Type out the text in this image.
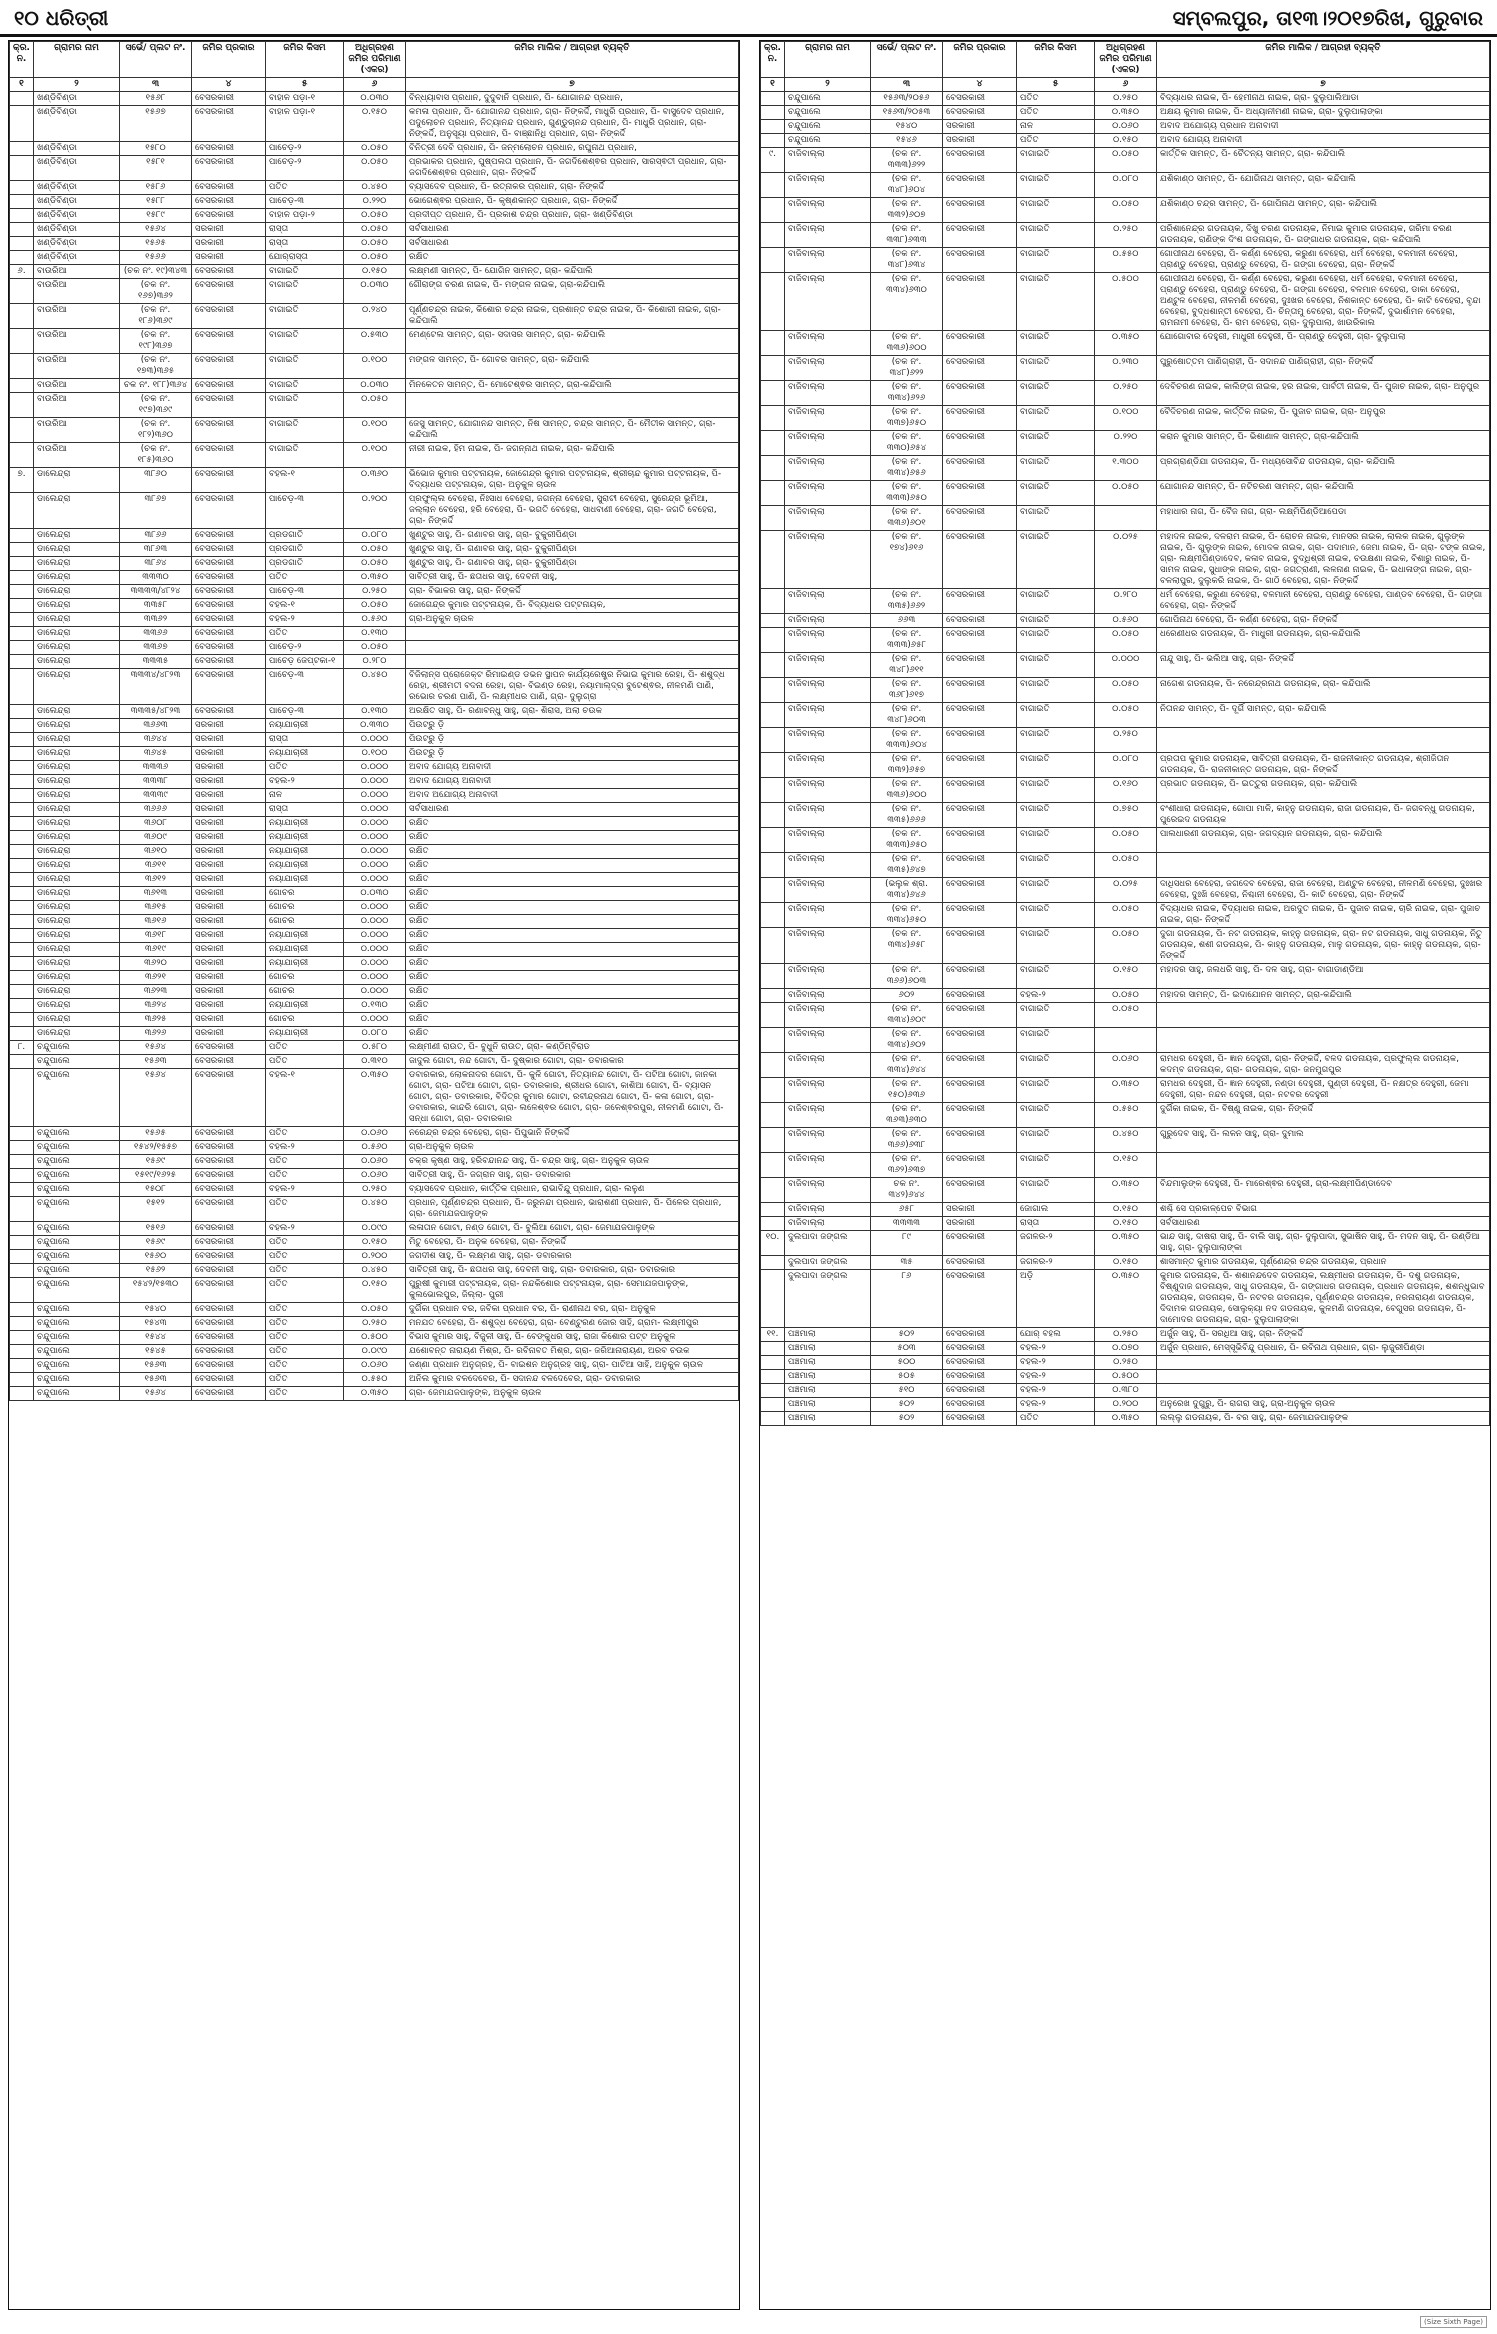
୧୦ ଧରିତ୍ରୀ	ସମ୍ବଲପୁର, ତା୧୩।୨୦୧୭ରିଖ, ଗୁରୁବାର
କ୍ର. ନ.	ଗ୍ରାମର ନାମ	ସର୍ଭେ/ ପ୍ଲଟ ନଂ.	ଜମିର ପ୍ରକାର	ଜମିର କିସମ	ଅଧିଗ୍ରହଣ ଜମିର ପରିମାଣ (ଏକର)	ଜମିର ମାଲିକ / ଆଗ୍ରହୀ ବ୍ୟକ୍ତି
୧	୨	୩	୪	୫	୬	୭
	ଖଣ୍ଡିବିଣ୍ଡା	୧୫୬୮	ବେସରକାରୀ	ବାହାଳ ପଡ଼ା-୧	୦.୦୩୦	ବିନ୍ଧ୍ୟାବାସ ପ୍ରଧାନ, ଦୁଦୁବାନି ପ୍ରଧାନ, ପି- ଯୋଗାନନ୍ଦ ପ୍ରଧାନ,
	ଖଣ୍ଡିବିଣ୍ଡା	୧୫୬୭	ବେସରକାରୀ	ବାହାଳ ପଡ଼ା-୧	୦.୧୫୦	କମଳା ପ୍ରଧାନ, ପି- ଯୋଗାନନ୍ଦ ପ୍ରଧାନ, ଗ୍ରା- ନିଙ୍କର୍ଦ୍ଦି, ମାଧୁରି ପ୍ରଧାନ, ପି- ବାସୁଦେବ ପ୍ରଧାନ, ପଦୁଲୋଚନ ପ୍ରଧାନ, ନିତ୍ୟାନନ୍ଦ ପ୍ରଧାନ, ଗୁଣ୍ଡୁଚାନନ୍ଦ ପ୍ରଧାନ, ପି- ମାଧୁରି ପ୍ରଧାନ, ଗ୍ରା- ନିଙ୍କର୍ଦ୍ଦି, ଅନୁସୂୟା ପ୍ରଧାନ, ପି- ବାଞ୍ଛାନିଧି ପ୍ରଧାନ, ଗ୍ରା- ନିଙ୍କର୍ଦ୍ଦି
	ଖଣ୍ଡିବିଣ୍ଡା	୧୫୮୦	ବେସରକାରୀ	ପାଚେଡ଼-୨	୦.୦୫୦	ବିନିତ୍ରୀ ଦେବି ପ୍ରଧାନ, ପି- ଜନ୍ମଲୋଚନ ପ୍ରଧାନ, ରଘୁନାଥ ପ୍ରଧାନ,
	ଖଣ୍ଡିବିଣ୍ଡା	୧୫୮୧	ବେସରକାରୀ	ପାଚେଡ଼-୨	୦.୦୫୦	ପ୍ରଭାକର ପ୍ରଧାନ, ପୁଷ୍ପଲତା ପ୍ରଧାନ, ପି- ଜଗଦିଶେଶ୍ଵର ପ୍ରଧାନ, ସାରସ୍ଵତୀ ପ୍ରଧାନ, ଗ୍ରା- ଜଗଦିଶେଶ୍ଵର ପ୍ରଧାନ, ଗ୍ରା- ନିଙ୍କର୍ଦ୍ଦି
	ଖଣ୍ଡିବିଣ୍ଡା	୧୫୮୬	ବେସରକାରୀ	ପତିତ	୦.୪୫୦	ବ୍ୟାସଦେବ ପ୍ରଧାନ, ପି- ରତ୍ନାକର ପ୍ରଧାନ, ଗ୍ରା- ନିଙ୍କର୍ଦ୍ଦି
	ଖଣ୍ଡିବିଣ୍ଡା	୧୫୮୮	ବେସରକାରୀ	ପାଚେଡ଼-୩	୦.୨୨୦	ଭୋଗେଶ୍ଵର ପ୍ରଧାନ, ପି- କୃଷ୍ଣକାନ୍ତ ପ୍ରଧାନ, ଗ୍ରା- ନିଙ୍କର୍ଦ୍ଦି
	ଖଣ୍ଡିବିଣ୍ଡା	୧୫୮୯	ବେସରକାରୀ	ବାହାଳ ପଡ଼ା-୨	୦.୦୫୦	ପ୍ରଦୀପ୍ତ ପ୍ରଧାନ, ପି- ପ୍ରକାଶ ଚନ୍ଦ୍ର ପ୍ରଧାନ, ଗ୍ରା- ଖଣ୍ଡିବିଣ୍ଡା
	ଖଣ୍ଡିବିଣ୍ଡା	୧୫୬୪	ସରକାରୀ	ରାସ୍ତା	୦.୦୫୦	ସର୍ବସାଧାରଣ
	ଖଣ୍ଡିବିଣ୍ଡା	୧୫୬୫	ସରକାରୀ	ରାସ୍ତା	୦.୦୫୦	ସର୍ବସାଧାରଣ
	ଖଣ୍ଡିବିଣ୍ଡା	୧୫୬୬	ସରକାରୀ	ଯୋର୍‌ରାସ୍ତା	୦.୦୫୦	ରକ୍ଷିତ
୬.	ବାଉରିଆ	(ଚକ ନଂ. ୧୯)୩୪୩	ବେସରକାରୀ	ବାଗାଇତି	୦.୧୫୦	ଲକ୍ଷ୍ମଣୀ ସାମନ୍ତ, ପି- ଯୋଗିନ ସାମନ୍ତ, ଗ୍ରା- କନ୍ଦିପାଲି
	ବାଉରିଆ	(ଚକ ନଂ. ୧୬୭)୩୬୨	ବେସରକାରୀ	ବାଗାଇତି	୦.୦୩୦	ଗୌରାଙ୍ଗ ଚରଣ ନାଇକ, ପି- ମଙ୍ଗଳ ନାଇକ, ଗ୍ରା-କନ୍ଦିପାଲି
	ବାଉରିଆ	(ଚକ ନଂ. ୧୮୬)୩୬୯	ବେସରକାରୀ	ବାଗାଇତି	୦.୨୪୦	ପୂର୍ଣ୍ଣଚନ୍ଦ୍ର ନାଇକ, କିଶୋର ଚନ୍ଦ୍ର ନାଇକ, ପ୍ରଶାନ୍ତ ଚନ୍ଦ୍ର ନାଇକ, ପି- କିଶୋରୀ ନାଇକ, ଗ୍ରା- କନ୍ଦିପାଲି
	ବାଉରିଆ	(ଚକ ନଂ. ୧୯୮)୩୬୭	ବେସରକାରୀ	ବାଗାଇତି	୦.୫୩୦	ମେଣ୍ଟେଲ ସାମନ୍ତ, ଗ୍ରା- ସଦାସର ସାମନ୍ତ, ଗ୍ରା- କନ୍ଦିପାଲି
	ବାଉରିଆ	(ଚକ ନଂ. ୧୭୩)୩୬୫	ବେସରକାରୀ	ବାଗାଇତି	୦.୧୦୦	ମଙ୍ଗଳ ସାମନ୍ତ, ପି- ଗୋବର ସାମନ୍ତ, ଗ୍ରା- କନ୍ଦିପାଲି
	ବାଉରିଆ	ଚକ ନଂ. ୧୮୮)୩୬୪	ବେସରକାରୀ	ବାଗାଇତି	୦.୦୩୦	ମିନକେତନ ସାମନ୍ତ, ପି- ମୋଟେଶ୍ଵର ସାମନ୍ତ, ଗ୍ରା-କନ୍ଦିପାଲି
	ବାଉରିଆ	(ଚକ ନଂ. ୧୯୭)୩୬୯	ବେସରକାରୀ	ବାଗାଇତି	୦.୦୫୦	
	ବାଉରିଆ	(ଚକ ନଂ. ୧୮୨)୩୬୦	ବେସରକାରୀ	ବାଗାଇତି	୦.୧୦୦	ଜେସୁ ସାମନ୍ତ, ଯୋଗାନନ୍ଦ ସାମନ୍ତ, ନିଷ ସାମନ୍ତ, ଚନ୍ଦ୍ର ସାମନ୍ତ, ପି- ମୈତୀକ ସାମନ୍ତ, ଗ୍ରା- କନ୍ଦିପାଲି
	ବାଉରିଆ	(ଚକ ନଂ. ୧୮୫)୩୬୦	ବେସରକାରୀ	ବାଗାଇତି	୦.୧୦୦	ନୀରୀ ନାଇକ, ହିମ ନାଇକ, ପି- ଜଗନ୍ନାଥ ନାଇକ, ଗ୍ରା- କନ୍ଦିପାଲି
୭.	ଡାଲେନ୍ଦ୍ରା	୩୮୬୦	ବେସରକାରୀ	ବହଲ-୧	୦.୩୬୦	ଭିଭୋଜ କୁମାର ପଟ୍ଟନାୟକ, ଜୋଗେନ୍ଦ୍ର କୁମାର ପଟ୍ଟନାୟକ, ଶ୍ରୀଚାନ୍ଦ କୁମାର ପଟ୍ଟନାୟକ, ପି- ବିଦ୍ୟାଧର ପଟ୍ଟନାୟକ, ଗ୍ରା- ଅନୁକୁଳ ଚାଉଳ
	ଡାଲେନ୍ଦ୍ରା	୩୮୬୭	ବେସରକାରୀ	ପାଚେଡ଼-୩	୦.୨୦୦	ପ୍ରଫୁଲ୍ଲ ବେହେରା, ନିଃସାଧ ବେହେରା, ଜଗନ୍ନା ବେହେରା, ସୁରାଟୀ ବେହେରା, ସୁରେନ୍ଦ୍ର ଭୂମିଆ, ଜଲ୍ଲାନ ବେହେରା, ହରି ବେହେରା, ପି- ଭଗତି ବେହେରା, ସାଧବାଣୀ ବେହେରା, ଗ୍ରା- ଜଗତି ବେହେରା, ଗ୍ରା- ନିଙ୍କର୍ଦ୍ଦି
	ଡାଲେନ୍ଦ୍ରା	୩୮୬୬	ବେସରକାରୀ	ପ୍ରଡଗାତି	୦.୦୮୦	ଖୁଣ୍ଟୁର ସାହୁ, ପି- ଗଣାବର ସାହୁ, ଗ୍ରା- ବୁକୁରୀପିଣ୍ଡା
	ଡାଲେନ୍ଦ୍ରା	୩୮୬୩	ବେସରକାରୀ	ପ୍ରଡଗାତି	୦.୦୫୦	ଖୁଣ୍ଟୁର ସାହୁ, ପି- ଗଣାବର ସାହୁ, ଗ୍ରା- ବୁକୁରୀପିଣ୍ଡା
	ଡାଲେନ୍ଦ୍ରା	୩୮୬୪	ବେସରକାରୀ	ପ୍ରଡଗାତି	୦.୦୫୦	ଖୁଣ୍ଟୁର ସାହୁ, ପି- ଗଣାବର ସାହୁ, ଗ୍ରା- ବୁକୁରୀପିଣ୍ଡା
	ଡାଲେନ୍ଦ୍ରା	୩୩୩୦	ବେସରକାରୀ	ପତିତ	୦.୩୫୦	ସାବିତ୍ରୀ ସାହୁ, ପି- ଛତାଧର ସାହୁ, ଦେବନୀ ସାହୁ,
	ଡାଲେନ୍ଦ୍ରା	୩୩୩୩/୪୮୨୪	ବେସରକାରୀ	ପାଚେଡ଼-୩	୦.୨୫୦	ଗ୍ରା- ବିଭାକର ସାହୁ, ଗ୍ରା- ନିଙ୍କର୍ଦ୍ଦି
	ଡାଲେନ୍ଦ୍ରା	୩୩୫୮	ବେସରକାରୀ	ବହଲ-୧	୦.୦୫୦	ଜୋଗେନ୍ଦ୍ର କୁମାର ପଟ୍ଟନାୟକ, ପି- ବିଦ୍ୟାଧର ପଟ୍ଟନାୟକ,
	ଡାଲେନ୍ଦ୍ରା	୩୩୬୨	ବେସରକାରୀ	ବହଲ-୨	୦.୫୬୦	ଗ୍ରା-ଅନୁକୁଳ ଚାଉଳ
	ଡାଲେନ୍ଦ୍ରା	୩୩୬୬	ବେସରକାରୀ	ପତିତ	୦.୧୩୦	
	ଡାଲେନ୍ଦ୍ରା	୩୩୬୭	ବେସରକାରୀ	ପାଚେଡ଼-୨	୦.୦୫୦	
	ଡାଲେନ୍ଦ୍ରା	୩୩୩୫	ବେସରକାରୀ	ପାଚେଡ଼ ଜେପ୍ଟକା-୧	୦.୨୮୦	
	ଡାଲେନ୍ଦ୍ରା	୩୩୩୪/୪୮୨୩	ବେସରକାରୀ	ପାଚେଡ଼-୩	୦.୪୫୦	ବିଜିଲାନ୍ସ ପ୍ରୋଜେକ୍ଟ ରିମାଇଣ୍ଡ ଡଭନ ସ୍ଥାପନ କାର୍ଯ୍ୟରେଷ୍ଟ୍ର ନିଭାଇ କୁମାର ରେହା, ପି- ଶଶୁଦ୍ଧ ରେହା, ଶ୍ରୀମତୀ ବଦନା ରେହା, ଗ୍ରା- ବିଇଣ୍ଡ ରେହା, ନୟାମାଲ୍ଦ୍ରା ବୁଟେଶ୍ଵର, ନୀଳମଣି ପାଣି, ରଭୋର ଚରଣ ପାଣି, ପି- ଲକ୍ଷ୍ମୀଧର ପାଣି, ଗ୍ରା- ଦୁଲୁଗ୍ରା
	ଡାଲେନ୍ଦ୍ରା	୩୩୩୫/୪୮୨୩	ବେସରକାରୀ	ପାଚେଡ଼-୩	୦.୧୩୦	ଅରକ୍ଷିତ ସାହୁ, ପି- ରଣାବନ୍ଧୁ ସାହୁ, ଗ୍ରା- ଶିରାସ, ଅଲା ଚଉକ
	ଡାଲେନ୍ଦ୍ରା	୩୬୬୩	ସରକାରୀ	ନୟାଯାଚାରୀ	୦.୩୩୦	ପିଉଟ୍ରୁ ଡ଼ି
	ଡାଲେନ୍ଦ୍ରା	୩୬୪୪	ସରକାରୀ	ରାସ୍ତା	୦.୦୦୦	ପିଉଟ୍ରୁ ଡ଼ି
	ଡାଲେନ୍ଦ୍ରା	୩୬୪୫	ସରକାରୀ	ନୟାଯାଚାରୀ	୦.୧୦୦	ପିଉଟ୍ରୁ ଡ଼ି
	ଡାଲେନ୍ଦ୍ରା	୩୩୩୬	ସରକାରୀ	ପତିତ	୦.୦୦୦	ଅବାଦ ଯୋଗ୍ୟ ଅନାବାଦୀ
	ଡାଲେନ୍ଦ୍ରା	୩୩୩୮	ସରକାରୀ	ବହଲ-୨	୦.୦୦୦	ଅବାଦ ଯୋଗ୍ୟ ଅନାବାଦୀ
	ଡାଲେନ୍ଦ୍ରା	୩୩୩୯	ସରକାରୀ	ନାଳ	୦.୦୦୦	ଅବାଦ ଅଯୋଗ୍ୟ ଅନାବାଦୀ
	ଡାଲେନ୍ଦ୍ରା	୩୬୬୬	ସରକାରୀ	ରାସ୍ତା	୦.୦୦୦	ସର୍ବସାଧାରଣ
	ଡାଲେନ୍ଦ୍ରା	୩୬୦୮	ସରକାରୀ	ନୟାଯାଚାରୀ	୦.୦୦୦	ରକ୍ଷିତ
	ଡାଲେନ୍ଦ୍ରା	୩୬୦୯	ସରକାରୀ	ନୟାଯାଚାରୀ	୦.୦୦୦	ରକ୍ଷିତ
	ଡାଲେନ୍ଦ୍ରା	୩୬୧୦	ସରକାରୀ	ନୟାଯାଚାରୀ	୦.୦୦୦	ରକ୍ଷିତ
	ଡାଲେନ୍ଦ୍ରା	୩୬୧୧	ସରକାରୀ	ନୟାଯାଚାରୀ	୦.୦୦୦	ରକ୍ଷିତ
	ଡାଲେନ୍ଦ୍ରା	୩୬୧୨	ସରକାରୀ	ନୟାଯାଚାରୀ	୦.୦୦୦	ରକ୍ଷିତ
	ଡାଲେନ୍ଦ୍ରା	୩୬୧୩	ସରକାରୀ	ଗୋଚର	୦.୦୩୦	ରକ୍ଷିତ
	ଡାଲେନ୍ଦ୍ରା	୩୬୧୫	ସରକାରୀ	ଗୋଚର	୦.୦୦୦	ରକ୍ଷିତ
	ଡାଲେନ୍ଦ୍ରା	୩୬୧୬	ସରକାରୀ	ଗୋଚର	୦.୦୦୦	ରକ୍ଷିତ
	ଡାଲେନ୍ଦ୍ରା	୩୬୧୮	ସରକାରୀ	ନୟାଯାଚାରୀ	୦.୦୦୦	ରକ୍ଷିତ
	ଡାଲେନ୍ଦ୍ରା	୩୬୧୯	ସରକାରୀ	ନୟାଯାଚାରୀ	୦.୦୦୦	ରକ୍ଷିତ
	ଡାଲେନ୍ଦ୍ରା	୩୬୨୦	ସରକାରୀ	ନୟାଯାଚାରୀ	୦.୦୦୦	ରକ୍ଷିତ
	ଡାଲେନ୍ଦ୍ରା	୩୬୨୧	ସରକାରୀ	ଗୋଚର	୦.୦୦୦	ରକ୍ଷିତ
	ଡାଲେନ୍ଦ୍ରା	୩୬୨୩	ସରକାରୀ	ଗୋଚର	୦.୦୦୦	ରକ୍ଷିତ
	ଡାଲେନ୍ଦ୍ରା	୩୬୨୪	ସରକାରୀ	ନୟାଯାଚାରୀ	୦.୧୩୦	ରକ୍ଷିତ
	ଡାଲେନ୍ଦ୍ରା	୩୬୨୫	ସରକାରୀ	ଗୋଚର	୦.୦୦୦	ରକ୍ଷିତ
	ଡାଲେନ୍ଦ୍ରା	୩୬୨୬	ସରକାରୀ	ନୟାଯାଚାରୀ	୦.୦୮୦	ରକ୍ଷିତ
୮.	ଚନ୍ଦୁପାଲେ	୧୫୬୪	ବେସରକାରୀ	ପତିତ	୦.୫୮୦	ଲକ୍ଷ୍ମୀଣୀ ରାଉତ, ପି- ବୁଧୁନି ରାଉତ, ଗ୍ରା- କଣ୍ଠିମ୍ବିରାଡ
	ଚନ୍ଦୁପାଲେ	୧୫୬୩	ବେସରକାରୀ	ପତିତ	୦.୩୧୦	ଜାଦୁଲ ଗୋଟା, ନନ୍ଦ ଗୋଟା, ପି- ଦୁଷ୍କାର ଗୋଟା, ଗ୍ରା- ଡବାରକାର
	ଚନ୍ଦୁପାଲେ	୧୫୬୪	ବେସରକାରୀ	ବହଲ-୧	୦.୩୫୦	ଡବାରକାର, ଲୋକନାଦର ଗୋଟା, ପି- କୁଳି ଗୋଟା, ନିତ୍ୟାନନ୍ଦ ଗୋଟା, ପି- ପଟିଆ ଗୋଟା, ଜାନକା ଗୋଟା, ଗ୍ରା- ପଟିଆ ଗୋଟା, ଗ୍ରା- ଡବାରକାର, ଶ୍ରୀଧର ଗୋଟା, କାଶିଆ ଗୋଟା, ପି- ବ୍ୟାସନ ଗୋଟା, ଗ୍ରା- ଡବାରକାର, ବିଦିତ୍ର କୁମାର ଗୋଟା, ରବୀନ୍ଦ୍ରନାଥ ଗୋଟା, ପି- କଳା ଗୋଟା, ଗ୍ରା- ଡବାରକାର, କାନ୍ଦରି ଗୋଟା, ଗ୍ରା- ଲଳେଶ୍ଵର ଗୋଟା, ଗ୍ରା- ଜଳେଶ୍ଵରପୁର, ନୀଳମଣି ଗୋଟା, ପି- ସନ୍ଧା ଗୋଟା, ଗ୍ରା- ଡବାରକାର
	ଚନ୍ଦୁପାଲେ	୧୫୬୫	ବେସରକାରୀ	ପତିତ	୦.୦୬୦	ନରେନ୍ଦ୍ର ଚନ୍ଦ୍ର ବେହେରା, ଗ୍ରା- ପିପୁଭାନି ନିଙ୍କର୍ଦ୍ଦି
	ଚନ୍ଦୁପାଲେ	୧୫୪୨/୧୫୫୭	ବେସରକାରୀ	ବହଲ-୨	୦.୫୬୦	ଗ୍ରା-ଅନୁକୁଳ ଚାଉଳ
	ଚନ୍ଦୁପାଲେ	୧୫୬୯	ବେସରକାରୀ	ପତିତ	୦.୦୬୦	ଚକ୍ର କୃଷ୍ଣ ସାହୁ, ହରିବନ୍ଦାନନ୍ଦ ସାହୁ, ପି- ଚନ୍ଦ୍ର ସାହୁ, ଗ୍ରା- ଅନୁକୁଳ ଚାଉଳ
	ଚନ୍ଦୁପାଲେ	୧୫୧୯/୧୬୨୫	ବେସରକାରୀ	ପତିତ	୦.୦୬୦	ସାବିତ୍ରୀ ସାହୁ, ପି- ଜଗ୍ରାନ ସାହୁ, ଗ୍ରା- ଡବାରକାର
	ଚନ୍ଦୁପାଲେ	୧୫୦୮	ବେସରକାରୀ	ବହଲ-୨	୦.୨୫୦	ବ୍ୟାସଦେବ ପ୍ରଧାନ, କାର୍ତ୍ତିକ ପ୍ରଧାନ, ରାଭାବିନ୍ଦୁ ପ୍ରଧାନ, ଗ୍ରା- ଲଳୁଣ
	ଚନ୍ଦୁପାଲେ	୧୫୧୨	ବେସରକାରୀ	ପତିତ	୦.୪୫୦	ପ୍ରଧାନ, ପୂର୍ଣ୍ଣଚନ୍ଦ୍ର ପ୍ରଧାନ, ପି- ଜରୁନନ୍ଦା ପ୍ରଧାନ, ଭାରାଶଣୀ ପ୍ରଧାନ, ପି- ପିଳେର ପ୍ରଧାନ, ଗ୍ରା- ଜେମାଯଜପାଳୁଙ୍କ
	ଚନ୍ଦୁପାଲେ	୧୫୧୬	ବେସରକାରୀ	ବହଲ-୨	୦.୦୯୦	ଲଳାତାନ ଗୋଟା, ନଣ୍ଡ ଗୋଟା, ପି- ବୁଲିଆ ଗୋଟା, ଗ୍ରା- ଜେମାଯଜପାଳୁଙ୍କ
	ଚନ୍ଦୁପାଲେ	୧୫୬୯	ବେସରକାରୀ	ପତିତ	୦.୧୫୦	ମିତୁ ବେହେରା, ପି- ଅନୁକ ବେହେରା, ଗ୍ରା- ନିଙ୍କର୍ଦ୍ଦି
	ଚନ୍ଦୁପାଲେ	୧୫୬୦	ବେସରକାରୀ	ପତିତ	୦.୨୦୦	ଜଗଦୀଶ ସାହୁ, ପି- ଲକ୍ଷ୍ମଣ ସାହୁ, ଗ୍ରା- ଡବାରକାର
	ଚନ୍ଦୁପାଲେ	୧୫୬୨	ବେସରକାରୀ	ପତିତ	୦.୪୫୦	ସାବିତ୍ରୀ ସାହୁ, ପି- ଛତାଧର ସାହୁ, ଦେବନୀ ସାହୁ, ଗ୍ରା- ଡବାରକାର, ଗ୍ରା- ଡବାରକାର
	ଚନ୍ଦୁପାଲେ	୧୫୪୨/୧୫୩୦	ବେସରକାରୀ	ପତିତ	୦.୧୫୦	ପୁରୁଷୀ କୁମାରୀ ପଟ୍ଟନାୟକ, ଗ୍ରା- ନନ୍ଦକିଶୋର ପଟ୍ଟନାୟକ, ଗ୍ରା- ସେମାଯଜପାଳୁଙ୍କ, କୁଲଭୋଲପୁର, ଜିଲ୍ଲା- ପୁରୀ
	ଚନ୍ଦୁପାଲେ	୧୫୪୦	ବେସରକାରୀ	ପତିତ	୦.୦୫୦	ଦୁର୍ଗିକା ପ୍ରଧାନ ବର, ଜବିକା ପ୍ରଧାନ ବର, ପି- ରାଣୀନାଥ ବର, ଗ୍ରା- ଅନୁକୁଳ
	ଚନ୍ଦୁପାଲେ	୧୫୪୩	ବେସରକାରୀ	ପତିତ	୦.୨୫୦	ମନଯତ ବେହେରା, ପି- ଶଶୁଦ୍ଧ ବେହେରା, ଗ୍ରା- ବେଣ୍ଟୁରଣ ଜୋର ସାହି, ଗ୍ରାମ- ଲକ୍ଷ୍ମୀପୁର
	ଚନ୍ଦୁପାଲେ	୧୫୪୪	ବେସରକାରୀ	ପତିତ	୦.୫୦୦	ବିଭାସ କୁମାର ସାହୁ, ବିଜୁଳୀ ସାହୁ, ପି- ବେଙ୍କୁଧର ସାହୁ, ରାଜା କିଶୋର ପଟ୍ଟ ଅନୁକୁଳ
	ଚନ୍ଦୁପାଲେ	୧୫୪୫	ବେସରକାରୀ	ପତିତ	୦.୦୯୦	ଯଶୋବନ୍ତ ନାରାୟଣ ମିଶ୍ର, ପି- ରବିନାବତ ମିଶ୍ର, ଗ୍ରା- ଜରିଆନାରାୟଣ, ଅରବ ଚଉକ
	ଚନ୍ଦୁପାଲେ	୧୫୬୩	ବେସରକାରୀ	ପତିତ	୦.୦୬୦	ଜଣ୍ଣା ପ୍ରଧାନ ଅନୁଗ୍ରହ, ପି- ବାଇଶନ ଅନୁଗ୍ରହ ସାହୁ, ଗ୍ରା- ପାଟିଆ ସାହି, ଅନୁକୁଳ ଚାଉଳ
	ଚନ୍ଦୁପାଲେ	୧୫୬୩	ବେସରକାରୀ	ପତିତ	୦.୫୫୦	ଅନିଲ କୁମାର ବଳଦେବେର, ପି- ସଦାନନ୍ଦ ବଳଦେବେର, ଗ୍ରା- ଡବାରକାର
	ଚନ୍ଦୁପାଲେ	୧୫୬୪	ବେସରକାରୀ	ପତିତ	୦.୩୫୦	ଗ୍ରା- ଜେମାଯଜପାଳୁଙ୍କ, ଅନୁକୁଳ ଚାଉଳ
କ୍ର. ନ.	ଗ୍ରାମର ନାମ	ସର୍ଭେ/ ପ୍ଲଟ ନଂ.	ଜମିର ପ୍ରକାର	ଜମିର କିସମ	ଅଧିଗ୍ରହଣ ଜମିର ପରିମାଣ (ଏକର)	ଜମିର ମାଲିକ / ଆଗ୍ରହୀ ବ୍ୟକ୍ତି
୧	୨	୩	୪	୫	୬	୭
	ଚନ୍ଦୁପାଲେ	୧୫୬୩/୨୦୫୬	ବେସରକାରୀ	ପତିତ	୦.୨୫୦	ବିଦ୍ୟାଧର ନାଇକ, ପି- ହେମୀନାଥ ନାଇକ, ଗ୍ରା- ଦୁଲୁପାଲିଆଡା
	ଚନ୍ଦୁପାଲେ	୧୫୬୩/୨୦୫୩	ବେସରକାରୀ	ପତିତ	୦.୩୫୦	ଅକ୍ଷୟ କୁମାର ନାଇକ, ପି- ଅଧ୍ୟାନୀମଣୀ ନାଇକ, ଗ୍ରା- ଦୁଲୁପାଲାଙ୍କା
	ଚନ୍ଦୁପାଲେ	୧୫୪୦	ସରକାରୀ	ନାଳ	୦.୦୬୦	ଅବାଦ ଅଯୋଗ୍ୟ ପ୍ରଧାନ ଅନାବାଦୀ
	ଚନ୍ଦୁପାଲେ	୧୫୪୬	ସରକାରୀ	ପତିତ	୦.୧୫୦	ଅବାଦ ଯୋଗ୍ୟ ଅନାବାଦୀ
୯.	ବାଜିବାଲ୍ଲା	(ଚକ ନଂ. ୩୩୩)୬୨୨	ବେସରକାରୀ	ବାଗାଇତି	୦.୦୫୦	କାର୍ତ୍ତିକ ସାମନ୍ତ, ପି- ଚୈତନ୍ୟ ସାମନ୍ତ, ଗ୍ରା- କନ୍ଦିପାଲି
	ବାଜିବାଲ୍ଲା	(ଚକ ନଂ. ୩୪୮)୬୦୪	ବେସରକାରୀ	ବାଗାଇତି	୦.୦୮୦	ଯଶିକାଣ୍ଠ ସାମନ୍ତ, ପି- ଯୋଗିନାଥ ସାମନ୍ତ, ଗ୍ରା- କନ୍ଦିପାଲି
	ବାଜିବାଲ୍ଲା	(ଚକ ନଂ. ୩୩୨)୬୦୭	ବେସରକାରୀ	ବାଗାଇତି	୦.୦୫୦	ଯଶିକାଣ୍ଠ ଚନ୍ଦ୍ର ସାମନ୍ତ, ପି- ଗୋପିନାଥ ସାମନ୍ତ, ଗ୍ରା- କନ୍ଦିପାଲି
	ବାଜିବାଲ୍ଲା	(ଚକ ନଂ. ୩୩୮)୬୩୩	ବେସରକାରୀ	ବାଗାଇତି	୦.୨୫୦	ପରିଶାନେନ୍ଦ୍ର ଗଡନାୟକ, ଦିଖୁ ଚରଣ ଗଡନାୟକ, ନିମାଇ କୁମାର ଗଡନାୟକ, ଗରିମା ଚରଣ ଗଡନାୟକ, ରାଣିଙ୍କ ଦିଂଶ ଗଡନାୟକ, ପି- ଗଙ୍ଗାଧର ଗଡନାୟକ, ଗ୍ରା- କନ୍ଦିପାଲି
	ବାଜିବାଲ୍ଲା	(ଚକ ନଂ. ୩୪୮)୬୩୪	ବେସରକାରୀ	ବାଗାଇତି	୦.୫୫୦	ଗୋପୀନାଥ ବେହେରା, ପି- କର୍ଣ୍ଣ ବେହେରା, କରୁଣା ବେହେରା, ଧର୍ମ ବେହେରା, ବଳମାନୀ ବେହେରା, ପ୍ରାଣ୍ଡୁ ବେହେରା, ପ୍ରାଣ୍ଡୁ ବେହେରା, ପି- ଗଙ୍ଗା ବେହେରା, ଗ୍ରା- ନିଙ୍କର୍ଦ୍ଦି
	ବାଜିବାଲ୍ଲା	(ଚକ ନଂ. ୩୩୪)୬୩୦	ବେସରକାରୀ	ବାଗାଇତି	୦.୫୦୦	ଗୋପୀନାଥ ବେହେରା, ପି- କର୍ଣ୍ଣ ବେହେରା, କରୁଣା ବେହେରା, ଧର୍ମ ବେହେରା, ବଳମାନୀ ବେହେରା, ପ୍ରାଣ୍ଡୁ ବେହେରା, ପ୍ରାଣ୍ଡୁ ବେହେରା, ପି- ଗଙ୍ଗା ବେହେରା, ବଳମାନ ବେହେରା, ଡାକା ବେହେରା, ଅଣ୍ଟୁଳ ବେହେରା, ନୀଳମଣି ବେହେରା, ଦୁଃଖର ବେହେରା, ନିଶକାନ୍ତ ବେହେରା, ପି- କାଟି ବେହେରା, ବୃନ୍ଦା ବେହେରା, ବୁଦ୍ଧଶାନ୍ତୀ ବେହେରା, ପି- ଚିନ୍ତାମୁ ବେହେରା, ଗ୍ରା- ନିଙ୍କର୍ଦ୍ଦି, ଦୁଭାର୍ଶାମନ ବେହେରା, ରାମନାମୀ ବେହେରା, ପି- ରାମ ବେହେରା, ଗ୍ରା- ଦୁଲୁପାଲା, ଖାଉରିକାଲ
	ବାଜିବାଲ୍ଲା	(ଚକ ନଂ. ୩୩୬)୬୦୦	ବେସରକାରୀ	ବାଗାଇତି	୦.୩୫୦	ଯୋଗୋବାର ଦେହୁରୀ, ମାଧୁରୀ ଦେହୁରୀ, ପି- ପ୍ରାଣ୍ଡୁ ଦେହୁରୀ, ଗ୍ରା- ଦୁଲୁପାଲା
	ବାଜିବାଲ୍ଲା	(ଚକ ନଂ. ୩୪୮)୬୨୨	ବେସରକାରୀ	ବାଗାଇତି	୦.୨୩୦	ପୁରୁଷୋତ୍ତମ ପାଣିଗ୍ରାହୀ, ପି- ସଦାନନ୍ଦ ପାଣିଗ୍ରାହୀ, ଗ୍ରା- ନିଙ୍କର୍ଦ୍ଦି
	ବାଜିବାଲ୍ଲା	(ଚକ ନଂ. ୩୩୪)୬୨୬	ବେସରକାରୀ	ବାଗାଇତି	୦.୨୫୦	ଦେବିଚରଣ ନାଇକ, କାଲିଙ୍ଗ ନାଇକ, ହର ନାଇକ, ପାର୍ବତୀ ନାଇକ, ପି- ପୁଜାଚ ନାଇକ, ଗ୍ରା- ଅନୁପୁର
	ବାଜିବାଲ୍ଲା	(ଚକ ନଂ. ୩୩୭)୬୫୦	ବେସରକାରୀ	ବାଗାଇତି	୦.୧୦୦	ବୈଦିଚରଣ ନାଇକ, କାର୍ତ୍ତିକ ନାଇକ, ପି- ପୁଜାଚ ନାଇକ, ଗ୍ରା- ଅନୁପୁର
	ବାଜିବାଲ୍ଲା	(ଚକ ନଂ. ୩୩୦)୬୫୪	ବେସରକାରୀ	ବାଗାଇତି	୦.୨୨୦	କରାନ କୁମାର ସାମନ୍ତ, ପି- ଭିଶାଣାଳ ସାମନ୍ତ, ଗ୍ରା-କନ୍ଦିପାଲି
	ବାଜିବାଲ୍ଲା	(ଚକ ନଂ. ୩୩୪)୬୫୬	ବେସରକାରୀ	ବାଗାଇତି	୧.୩୦୦	ପ୍ରଗ୍ରାଣ୍ଡିଯା ଗଡନାୟକ, ପି- ମଧ୍ୟସୋବିନ୍ଦ ଗଡନାୟକ, ଗ୍ରା- କନ୍ଦିପାଲି
	ବାଜିବାଲ୍ଲା	(ଚକ ନଂ. ୩୩୩)୬୫୦	ବେସରକାରୀ	ବାଗାଇତି	୦.୦୫୦	ଯୋଗାନନ୍ଦ ସାମନ୍ତ, ପି- ନଟିଚରଣ ସାମନ୍ତ, ଗ୍ରା- କନ୍ଦିପାଲି
	ବାଜିବାଲ୍ଲା	(ଚକ ନଂ. ୩୩୬)୬୦୧	ବେସରକାରୀ	ବାଗାଇତି		ମହାଧାର ନାଗ, ପି- ବୈଜ ନାଗ, ଗ୍ରା- ଲକ୍ଷ୍ମିପିଣ୍ଡିଆପେଡା
	ବାଜିବାଲ୍ଲା	(ଚକ ନଂ. ୧୭୪)୬୧୬	ବେସରକାରୀ	ବାଗାଇତି	୦.୦୨୫	ମହାଦଳ ନାଇକ, ଦଳରାମ ନାଇକ, ପି- ରୋଚନ ନାଇକ, ମାନସର ନାଇକ, ଲାଲକ ନାଇକ, ଗୁଲୁଙ୍କ ନାଇକ, ପି- ଗୁଲୁଙ୍କ ନାଇକ, ମୋଦକ ନାଇକ, ଗ୍ରା- ପଦାମାନ, ଜେମା ନାଇକ, ପି- ଗ୍ରା- ଟଙ୍କ ନାଇକ, ଗ୍ରା- ଲକ୍ଷ୍ମୀପିଣ୍ଡାଦେବ, କଳାବ ନାଇକ, ବୁଦ୍ଧିଶ୍ରୀ ନାଇକ, ଚଉକ୍ଷଣା ନାଇକ, ବିଶାରୁ ନାଇକ, ପି- ସାମଳ ନାଇକ, ସୁଧାଙ୍କ ନାଇକ, ଗ୍ରା- ଜଗତ୍ରାଣୀ, ଲଳନାଣ ନାଇକ, ପି- ଇଧାଳାଙ୍ଗ ନାଇକ, ଗ୍ରା- ବଳଲାପୁର, ଦୁଲୁକରି ନାଇକ, ପି- ଗାଠି ବେହେରା, ଗ୍ରା- ନିଙ୍କର୍ଦ୍ଦି
	ବାଜିବାଲ୍ଲା	(ଚକ ନଂ. ୩୩୫)୬୬୨	ବେସରକାରୀ	ବାଗାଇତି	୦.୨୮୦	ଧର୍ମ ବେହେରା, କରୁଣା ବେହେରା, ବଳମାନୀ ବେହେରା, ପ୍ରାଣ୍ଡୁ ବେହେରା, ପାଣ୍ଡବ ବେହେରା, ପି- ଗଙ୍ଗା ବେହେରା, ଗ୍ରା- ନିଙ୍କର୍ଦ୍ଦି
	ବାଜିବାଲ୍ଲା	୬୬୩	ବେସରକାରୀ	ବାଗାଇତି	୦.୫୬୦	ଗୋପିନାଥ ବେହେରା, ପି- କର୍ଣ୍ଣ ବେହେରା, ଗ୍ରା- ନିଙ୍କର୍ଦ୍ଦି
	ବାଜିବାଲ୍ଲା	(ଚକ ନଂ. ୩୩୩)୬୫୮	ବେସରକାରୀ	ବାଗାଇତି	୦.୦୫୦	ଧରେଣୀଧର ଗଡନାୟକ, ପି- ମାଧୁରୀ ଗଡନାୟକ, ଗ୍ରା-କନ୍ଦିପାଲି
	ବାଜିବାଲ୍ଲା	(ଚକ ନଂ. ୩୪୮)୬୧୧	ବେସରକାରୀ	ବାଗାଇତି	୦.୦୦୦	ନାନ୍ଦୁ ସାହୁ, ପି- ଭଲିଆ ସାହୁ, ଗ୍ରା- ନିଙ୍କର୍ଦ୍ଦି
	ବାଜିବାଲ୍ଲା	(ଚକ ନଂ. ୩୬୮)୬୧୭	ବେସରକାରୀ	ବାଗାଇତି	୦.୦୫୦	ନାଗେଶ ଗଡନାୟକ, ପି- ନରେନ୍ଦ୍ରନାଥ ଗଡନାୟକ, ଗ୍ରା- କନ୍ଦିପାଲି
	ବାଜିବାଲ୍ଲା	(ଚକ ନଂ. ୩୪୮)୬୦୩	ବେସରକାରୀ	ବାଗାଇତି	୦.୦୫୦	ନିତାନନ୍ଦ ସାମନ୍ତ, ପି- ଦୂର୍ଗି ସାମନ୍ତ, ଗ୍ରା- କନ୍ଦିପାଲି
	ବାଜିବାଲ୍ଲା	(ଚକ ନଂ. ୩୩୩)୬୦୪	ବେସରକାରୀ	ବାଗାଇତି	୦.୨୫୦	
	ବାଜିବାଲ୍ଲା	(ଚକ ନଂ. ୩୩୨)୬୫୭	ବେସରକାରୀ	ବାଗାଇତି	୦.୦୮୦	ପ୍ରତାପ କୁମାର ଗଡନାୟକ, ସାବିତ୍ରୀ ଗଡନାୟକ, ପି- ରାଜନୀକାନ୍ତ ଗଡନାୟକ, ଶ୍ରୀଜିତାନ ଗଡନାୟକ, ପି- ରାଜନୀକାନ୍ତ ଗଡନାୟକ, ଗ୍ରା- ନିଙ୍କର୍ଦ୍ଦି
	ବାଜିବାଲ୍ଲା	(ଚକ ନଂ. ୩୩୬)୬୦୦	ବେସରକାରୀ	ବାଗାଇତି	୦.୧୬୦	ପ୍ରଭାତ ଗଡନାୟକ, ପି- ଇତ୍ତୁରା ଗଡନାୟକ, ଗ୍ରା- କନ୍ଦିପାଲି
	ବାଜିବାଲ୍ଲା	(ଚକ ନଂ. ୩୩୫)୬୬୬	ବେସରକାରୀ	ବାଗାଇତି	୦.୭୫୦	ବଂଶୀଧାରା ଗଡନାୟକ, ଗୋପା ମାଳି, କାହ୍ନୁ ଗଡନାୟକ, ରାଜା ଗଡନାୟକ, ପି- ଜଗବନ୍ଧୁ ଗଡନାୟକ, ପୁରେଇଦ ଗଡନାୟକ
	ବାଜିବାଲ୍ଲା	(ଚକ ନଂ. ୩୩୩)୬୫୦	ବେସରକାରୀ	ବାଗାଇତି	୦.୦୫୦	ପାଲଧାରଣୀ ଗଡନାୟକ, ଗ୍ରା- ଜଗଦ୍ୟାନ ଗଡନାୟକ, ଗ୍ରା- କନ୍ଦିପାଲି
	ବାଜିବାଲ୍ଲା	(ଚକ ନଂ. ୩୩୫)୬୪୭	ବେସରକାରୀ	ବାଗାଇତି	୦.୦୫୦	
	ବାଜିବାଲ୍ଲା	(ଭଲୁକ ଶ୍ରା. ୩୩୪)୬୪୬	ବେସରକାରୀ	ବାଗାଇତି	୦.୦୨୫	ଦାଧିସଧର ବେହେରା, ଜଗଦେବ ବେହେରା, ରାଜା ବେହେରା, ଅଣ୍ଟୁଳ ବେହେରା, ନୀଳମଣି ବେହେରା, ଦୁଃଖର ବେହେରା, ଦୁଃଖି ବେହେରା, ନିଶ୍ଚାନୀ ବେହେରା, ପି- କାଟି ବେହେରା, ଗ୍ରା- ନିଙ୍କର୍ଦ୍ଦି
	ବାଜିବାଲ୍ଲା	(ଚକ ନଂ. ୩୩୪)୬୫୦	ବେସରକାରୀ	ବାଗାଇତି	୦.୦୫୦	ବିଦ୍ୟାଧର ନାଇକ, ବିଦ୍ୟାଧର ନାଇକ, ଅରଦୁତ ନାଇକ, ପି- ପୁଜାଚ ନାଇକ, ଚାରି ନାଇକ, ଗ୍ରା- ପୁଜାଚ ନାଇକ, ଗ୍ରା- ନିଙ୍କର୍ଦ୍ଦି
	ବାଜିବାଲ୍ଲା	(ଚକ ନଂ. ୩୩୪)୬୫୮	ବେସରକାରୀ	ବାଗାଇତି	୦.୦୫୦	ଦୁଗା ଗଡନାୟକ, ପି- ନଟ ଗଡନାୟକ, କାହ୍ନୁ ଗଡନାୟକ, ଗ୍ରା- ନଟ ଗଡନାୟକ, ସାଧୁ ଗଡନାୟକ, ନିତୁ ଗଡନାୟକ, ଶଶୀ ଗଡନାୟକ, ପି- କାହ୍ନୁ ଗଡନାୟକ, ମାଳୁ ଗଡନାୟକ, ଗ୍ରା- କାହ୍ନୁ ଗଡନାୟକ, ଗ୍ରା- ନିଙ୍କର୍ଦ୍ଦି
	ବାଜିବାଲ୍ଲା	(ଚକ ନଂ. ୩୬୬)୬୦୩	ବେସରକାରୀ	ବାଗାଇତି	୦.୧୫୦	ମହାଦର ସାହୁ, ଜଲଧରି ସାହୁ, ପି- ଦଳ ସାହୁ, ଗ୍ରା- ବାଗାଡାଣ୍ଡିଆ
	ବାଜିବାଲ୍ଲା	୬୦୨	ବେସରକାରୀ	ବହଲ-୨	୦.୦୫୦	ମହାଦର ସାମନ୍ତ, ପି- ଇଦାଯୋନନ ସାମନ୍ତ, ଗ୍ରା-କନ୍ଦିପାଲି
	ବାଜିବାଲ୍ଲା	(ଚକ ନଂ. ୩୩୪)୬୦୯	ବେସରକାରୀ	ବାଗାଇତି	୦.୦୫୦	
	ବାଜିବାଲ୍ଲା	(ଚକ ନଂ. ୩୩୪)୬୦୨	ବେସରକାରୀ	ବାଗାଇତି		
	ବାଜିବାଲ୍ଲା	(ଚକ ନଂ. ୩୩୪)୬୪୪	ବେସରକାରୀ	ବାଗାଇତି	୦.୦୬୦	ରାମଧର ଦେହୁରୀ, ପି- ଜ୍ଞାନ ଦେହୁରୀ, ଗ୍ରା- ନିଙ୍କର୍ଦ୍ଦି, ବଳଦ ଗଡନାୟକ, ପ୍ରଫୁଲ୍ଲ ଗଡନାୟକ, କଦମ୍ବ ଗଡନାୟକ, ଗ୍ରା- ଗଡନାୟକ, ଗ୍ରା- ଜନମୁଗପୁର
	ବାଜିବାଲ୍ଲା	(ଚକ ନଂ. ୧୫୦)୬୩୬	ବେସରକାରୀ	ବାଗାଇତି	୦.୩୫୦	ରାମଧର ଦେହୁରୀ, ପି- ଜ୍ଞାନ ଦେହୁରୀ, ନଣ୍ଡା ଦେହୁରୀ, ପୁଣ୍ଡୀ ଦେହୁରୀ, ପି- ନକ୍ଷତ୍ର ଦେହୁରୀ, ଜେମା ଦେହୁରୀ, ଗ୍ରା- ନନ୍ଦନ ଦେହୁରୀ, ଗ୍ରା- ନଟବର ଦେହୁରୀ
	ବାଜିବାଲ୍ଲା	(ଚକ ନଂ. ୩୬୩)୬୩୦	ବେସରକାରୀ	ବାଗାଇତି	୦.୫୫୦	ଦୁର୍ଗିକା ନାଇକ, ପି- ବିଷ୍ଣୁ ନାଇକ, ଗ୍ରା- ନିଙ୍କର୍ଦ୍ଦି
	ବାଜିବାଲ୍ଲା	(ଚକ ନଂ. ୩୬୬)୬୩୮	ବେସରକାରୀ	ବାଗାଇତି	୦.୪୫୦	ଗୁରୁଦେବ ସାହୁ, ପି- ଲଳନ ସାହୁ, ଗ୍ରା- ଦୁମାଲ
	ବାଜିବାଲ୍ଲା	(ଚକ ନଂ. ୩୬୨)୬୩୭	ବେସରକାରୀ	ବାଗାଇତି	୦.୧୫୦	
	ବାଜିବାଲ୍ଲା	ଚକ ନଂ. ୩୪୨)୬୪୪	ବେସରକାରୀ	ବାଗାଇତି	୦.୩୫୦	ବିନ୍ଦମାଲୁଙ୍କ ଦେହୁରୀ, ପି- ମାରେଶ୍ଵର ଦେହୁରୀ, ଗ୍ରା-ଲକ୍ଷ୍ମୀପିଣ୍ଡାଦେବ
	ବାଜିବାଲ୍ଲା	୬୫୮	ସରକାରୀ	ଜୋଗାଲ	୦.୧୫୦	ଶଶ୍ଚି ସେ ପ୍ରକାଳ୍ପେଚ ବିଭାଗ
	ବାଜିବାଲ୍ଲା	୩୩୩୩	ସରକାରୀ	ରାସ୍ତା	୦.୧୫୦	ସର୍ବସାଧାରଣ
୧୦.	ଦୁଲପାଦା ଜଙ୍ଗଲ	୮୯	ବେସରକାରୀ	ଜଗଳର-୨	୦.୩୫୦	ଭାନ୍ଦ ସାହୁ, ଦାଷରା ସାହୁ, ପି- ବାଲି ସାହୁ, ଗ୍ରା- ଦୁଲୁପାଦା, ସୁଭାଷିନ ସାହୁ, ପି- ମଦନ ସାହୁ, ପି- ଉଣ୍ଡିଆ ସାହୁ, ଗ୍ରା- ଦୁଲୁପାଲାଙ୍କା
	ଦୁଲପାଦା ଜଙ୍ଗଲ	୩୫	ବେସରକାରୀ	ଜଗଳର-୨	୦.୧୫୦	ଶାସମାନ୍ତ କୁମାର ଗଡନାୟକ, ପୂର୍ଣ୍ଣେନ୍ଦ୍ର ଚନ୍ଦ୍ର ଗଡନାୟକ, ପ୍ରଧାନ
	ଦୁଲପାଦା ଜଙ୍ଗଲ	୮୬	ବେସରକାରୀ	ଅଡ଼ି	୦.୩୫୦	କୁମାର ଗଡନାୟକ, ପି- ଶଶାନନ୍ଦଦେବ ଗଡନାୟକ, ଲକ୍ଷ୍ମୀଧର ଗଡନାୟକ, ପି- ଦଶୁ ଗଡନାୟକ, ବିଷ୍ଣୁଦାଜ ଗଡନାୟକ, ସାଧୁ ଗଡନାୟକ, ପି- ଗଙ୍ଗାଧର ଗଡନାୟକ, ପ୍ରଧାନ ଗଡନାୟକ, ଶଶନ୍ଧୁଭାବ ଗଡନାୟକ, ଗଡନାୟକ, ପି- ନଟବର ଗଡନାୟକ, ପୂର୍ଣ୍ଣଚନ୍ଦ୍ର ଗଡନାୟକ, ନରନାରାୟଣ ଗଡନାୟକ, ଦିଦାମକ ଗଡନାୟକ, ସୋଲୁକ୍ୟା ନଦ ଗଡନାୟକ, କୁଳମଣି ଗଡନାୟକ, ବେଗୁସର ଗଡନାୟକ, ପି- ଦାମୋଦର ଗଡନାୟକ, ଗ୍ରା- ଦୁଲୁପାଲାଙ୍କା
୧୧.	ପଞ୍ଚମାଲା	୫୦୨	ବେସରକାରୀ	ଯୋର୍‌ ବହଲ	୦.୨୫୦	ଅର୍ଜୁନ ସାହୁ, ପି- ସରଧିଆ ସାହୁ, ଗ୍ରା- ନିଙ୍କର୍ଦ୍ଦି
	ପଞ୍ଚମାଲା	୫୦୩	ବେସରକାରୀ	ବହଲ-୨	୦.୦୭୦	ଅର୍ଜୁନ ପ୍ରଧାନ, ମେସ୍ସୂଭିବିନ୍ଦୁ ପ୍ରଧାନ, ପି- ରବିନାଥ ପ୍ରଧାନ, ଗ୍ରା- ଲୁଜୁରୀପିଣ୍ଡା
	ପଞ୍ଚମାଲା	୫୦୦	ବେସରକାରୀ	ବହଲ-୨	୦.୨୫୦	
	ପଞ୍ଚମାଲା	୫୦୫	ବେସରକାରୀ	ବହଲ-୨	୦.୫୦୦	
	ପଞ୍ଚମାଲା	୫୧୦	ବେସରକାରୀ	ବହଲ-୨	୦.୩୮୦	
	ପଞ୍ଚମାଲା	୫୦୨	ବେସରକାରୀ	ବହଲ-୨	୦.୨୦୦	ଅନୁରେଖ ଦୁଗୁରୁ, ପି- ରାଗରା ସାହୁ, ଗ୍ରା-ଅନୁକୁଳ ଚାଉଳ
	ପଞ୍ଚମାଲା	୫୦୨	ବେସରକାରୀ	ପତିତ	୦.୩୫୦	ଲଲ୍ଲୁ ଗଡନାୟକ, ପି- ବର ସାହୁ, ଗ୍ରା- ଜେମାଯଜପାଳୁଙ୍କ
(Size Sixth Page)
